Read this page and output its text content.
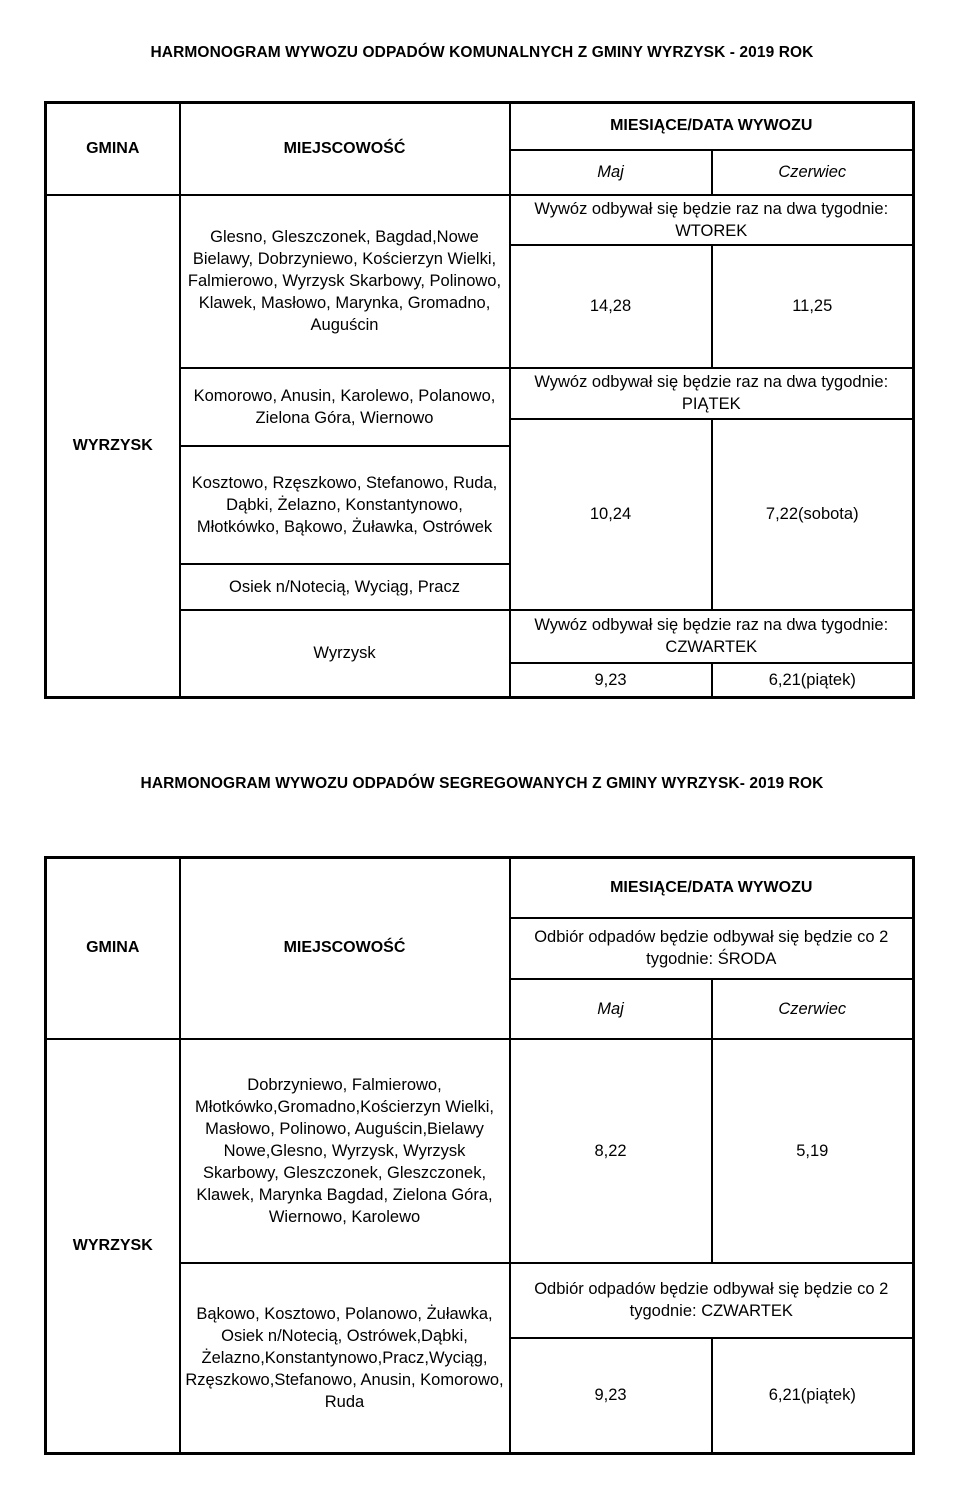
HARMONOGRAM WYWOZU ODPADÓW KOMUNALNYCH Z GMINY WYRZYSK - 2019 ROK
GMINA	MIEJSCOWOŚĆ	MIESIĄCE/DATA WYWOZU	
		Maj	Czerwiec
WYRZYSK	Glesno, Gleszczonek, Bagdad,Nowe Bielawy, Dobrzyniewo, Kościerzyn Wielki, Falmierowo, Wyrzysk Skarbowy, Polinowo, Klawek, Masłowo, Marynka, Gromadno, Auguścin	Wywóz odbywał się będzie raz na dwa tygodnie: WTOREK	
		14,28	11,25
	Komorowo, Anusin, Karolewo, Polanowo, Zielona Góra, Wiernowo	Wywóz odbywał się będzie raz na dwa tygodnie: PIĄTEK	
		10,24	7,22(sobota)
	Kosztowo, Rzęszkowo, Stefanowo, Ruda, Dąbki, Żelazno, Konstantynowo, Młotkówko, Bąkowo, Żuławka, Ostrówek		
	Osiek n/Notecią, Wyciąg, Pracz		
	Wyrzysk	Wywóz odbywał się będzie raz na dwa tygodnie: CZWARTEK	
		9,23	6,21(piątek)
HARMONOGRAM WYWOZU ODPADÓW SEGREGOWANYCH Z GMINY WYRZYSK- 2019 ROK
GMINA	MIEJSCOWOŚĆ	MIESIĄCE/DATA WYWOZU	
		Odbiór odpadów będzie odbywał się będzie co 2 tygodnie: ŚRODA	
		Maj	Czerwiec
WYRZYSK	Dobrzyniewo, Falmierowo, Młotkówko,Gromadno,Kościerzyn Wielki, Masłowo, Polinowo, Auguścin,Bielawy Nowe,Glesno, Wyrzysk, Wyrzysk Skarbowy, Gleszczonek, Gleszczonek, Klawek, Marynka Bagdad, Zielona Góra, Wiernowo, Karolewo	8,22	5,19
	Bąkowo, Kosztowo, Polanowo, Żuławka, Osiek n/Notecią, Ostrówek,Dąbki, Żelazno,Konstantynowo,Pracz,Wyciąg, Rzęszkowo,Stefanowo, Anusin, Komorowo, Ruda	Odbiór odpadów będzie odbywał się będzie co 2 tygodnie: CZWARTEK	
		9,23	6,21(piątek)
